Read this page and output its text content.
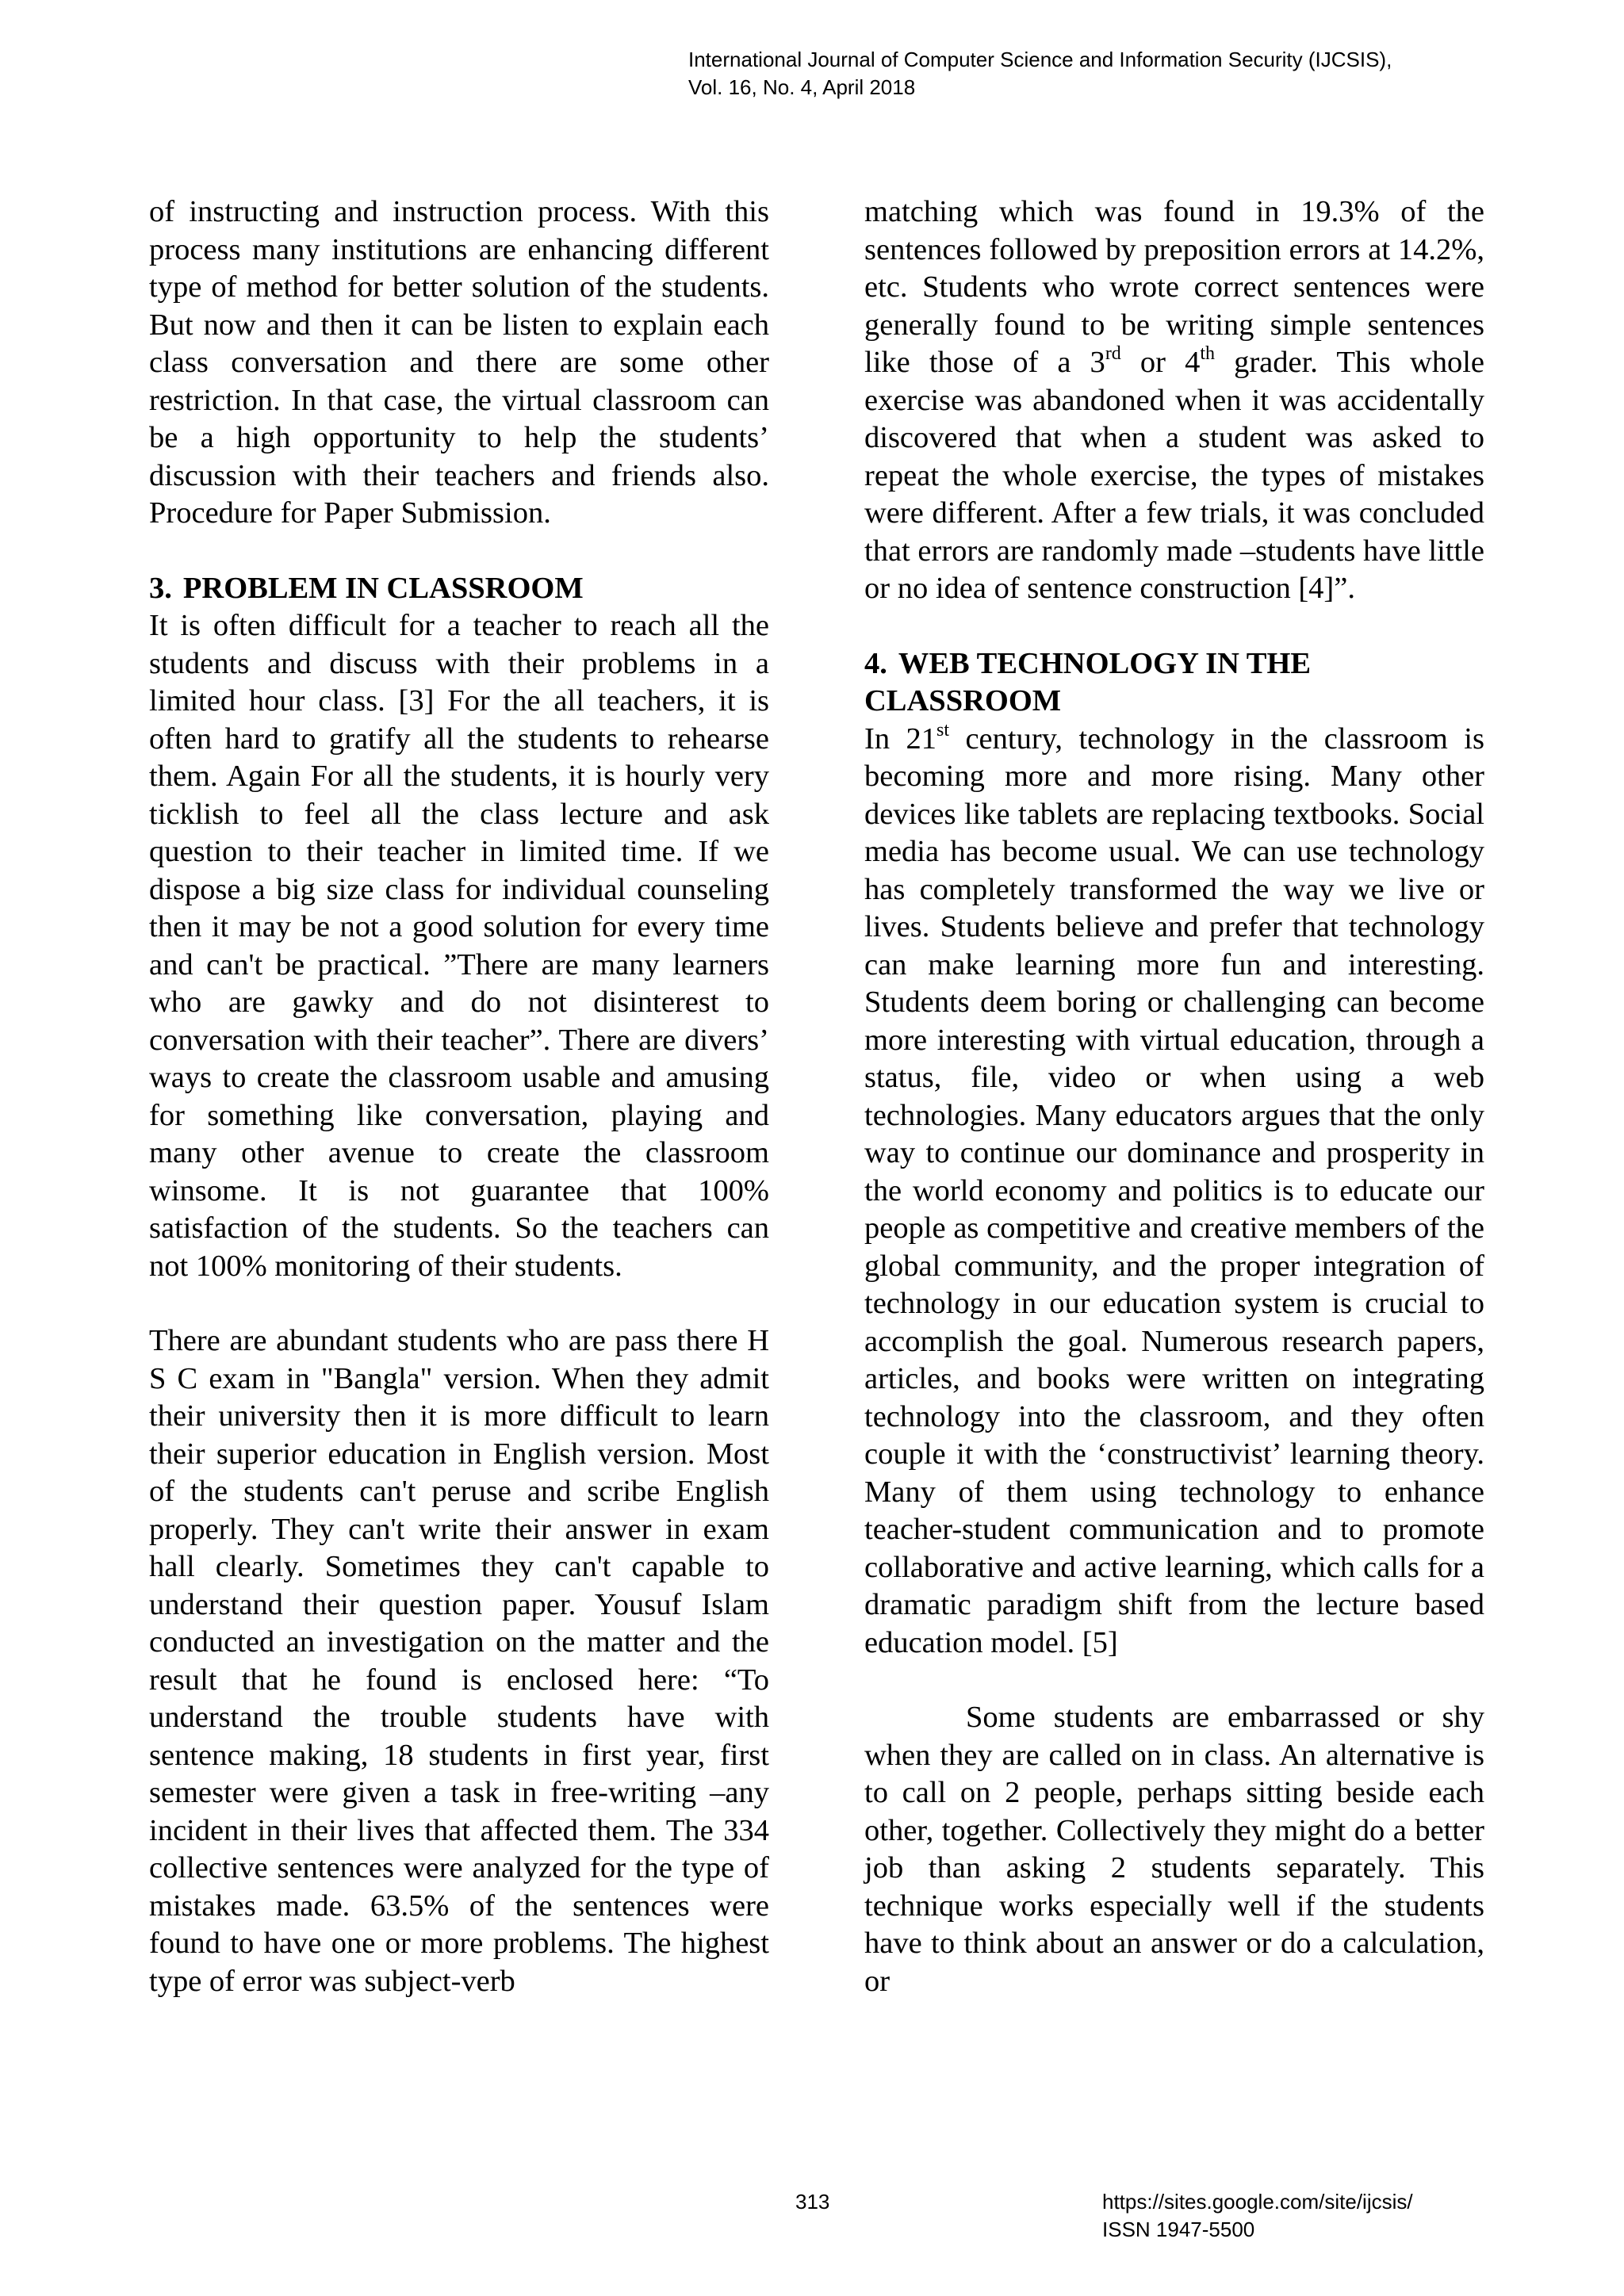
International Journal of Computer Science and Information Security (IJCSIS),
Vol. 16, No. 4, April 2018

of instructing and instruction process. With this process many institutions are enhancing different type of method for better solution of the students. But now and then it can be listen to explain each class conversation and there are some other restriction. In that case, the virtual classroom can be a high opportunity to help the students’ discussion with their teachers and friends also. Procedure for Paper Submission.

3. PROBLEM IN CLASSROOM

It is often difficult for a teacher to reach all the students and discuss with their problems in a limited hour class. [3] For the all teachers, it is often hard to gratify all the students to rehearse them. Again For all the students, it is hourly very ticklish to feel all the class lecture and ask question to their teacher in limited time. If we dispose a big size class for individual counseling then it may be not a good solution for every time and can't be practical. ”There are many learners who are gawky and do not disinterest to conversation with their teacher”. There are divers’ ways to create the classroom usable and amusing for something like conversation, playing and many other avenue to create the classroom winsome. It is not guarantee that 100% satisfaction of the students. So the teachers can not 100% monitoring of their students.

There are abundant students who are pass there H S C exam in "Bangla" version. When they admit their university then it is more difficult to learn their superior education in English version. Most of the students can't peruse and scribe English properly. They can't write their answer in exam hall clearly. Sometimes they can't capable to understand their question paper. Yousuf Islam conducted an investigation on the matter and the result that he found is enclosed here: “To understand the trouble students have with sentence making, 18 students in first year, first semester were given a task in free-writing –any incident in their lives that affected them. The 334 collective sentences were analyzed for the type of mistakes made. 63.5% of the sentences were found to have one or more problems. The highest type of error was subject-verb

matching which was found in 19.3% of the sentences followed by preposition errors at 14.2%, etc. Students who wrote correct sentences were generally found to be writing simple sentences like those of a 3rd or 4th grader. This whole exercise was abandoned when it was accidentally discovered that when a student was asked to repeat the whole exercise, the types of mistakes were different. After a few trials, it was concluded that errors are randomly made –students have little or no idea of sentence construction [4]”.

4. WEB TECHNOLOGY IN THE
CLASSROOM

In 21st century, technology in the classroom is becoming more and more rising. Many other devices like tablets are replacing textbooks. Social media has become usual. We can use technology has completely transformed the way we live or lives. Students believe and prefer that technology can make learning more fun and interesting. Students deem boring or challenging can become more interesting with virtual education, through a status, file, video or when using a web technologies. Many educators argues that the only way to continue our dominance and prosperity in the world economy and politics is to educate our people as competitive and creative members of the global community, and the proper integration of technology in our education system is crucial to accomplish the goal. Numerous research papers, articles, and books were written on integrating technology into the classroom, and they often couple it with the ‘constructivist’ learning theory. Many of them using technology to enhance teacher-student communication and to promote collaborative and active learning, which calls for a dramatic paradigm shift from the lecture based education model. [5]

Some students are embarrassed or shy when they are called on in class. An alternative is to call on 2 people, perhaps sitting beside each other, together. Collectively they might do a better job than asking 2 students separately. This technique works especially well if the students have to think about an answer or do a calculation, or

313	https://sites.google.com/site/ijcsis/
ISSN 1947-5500
